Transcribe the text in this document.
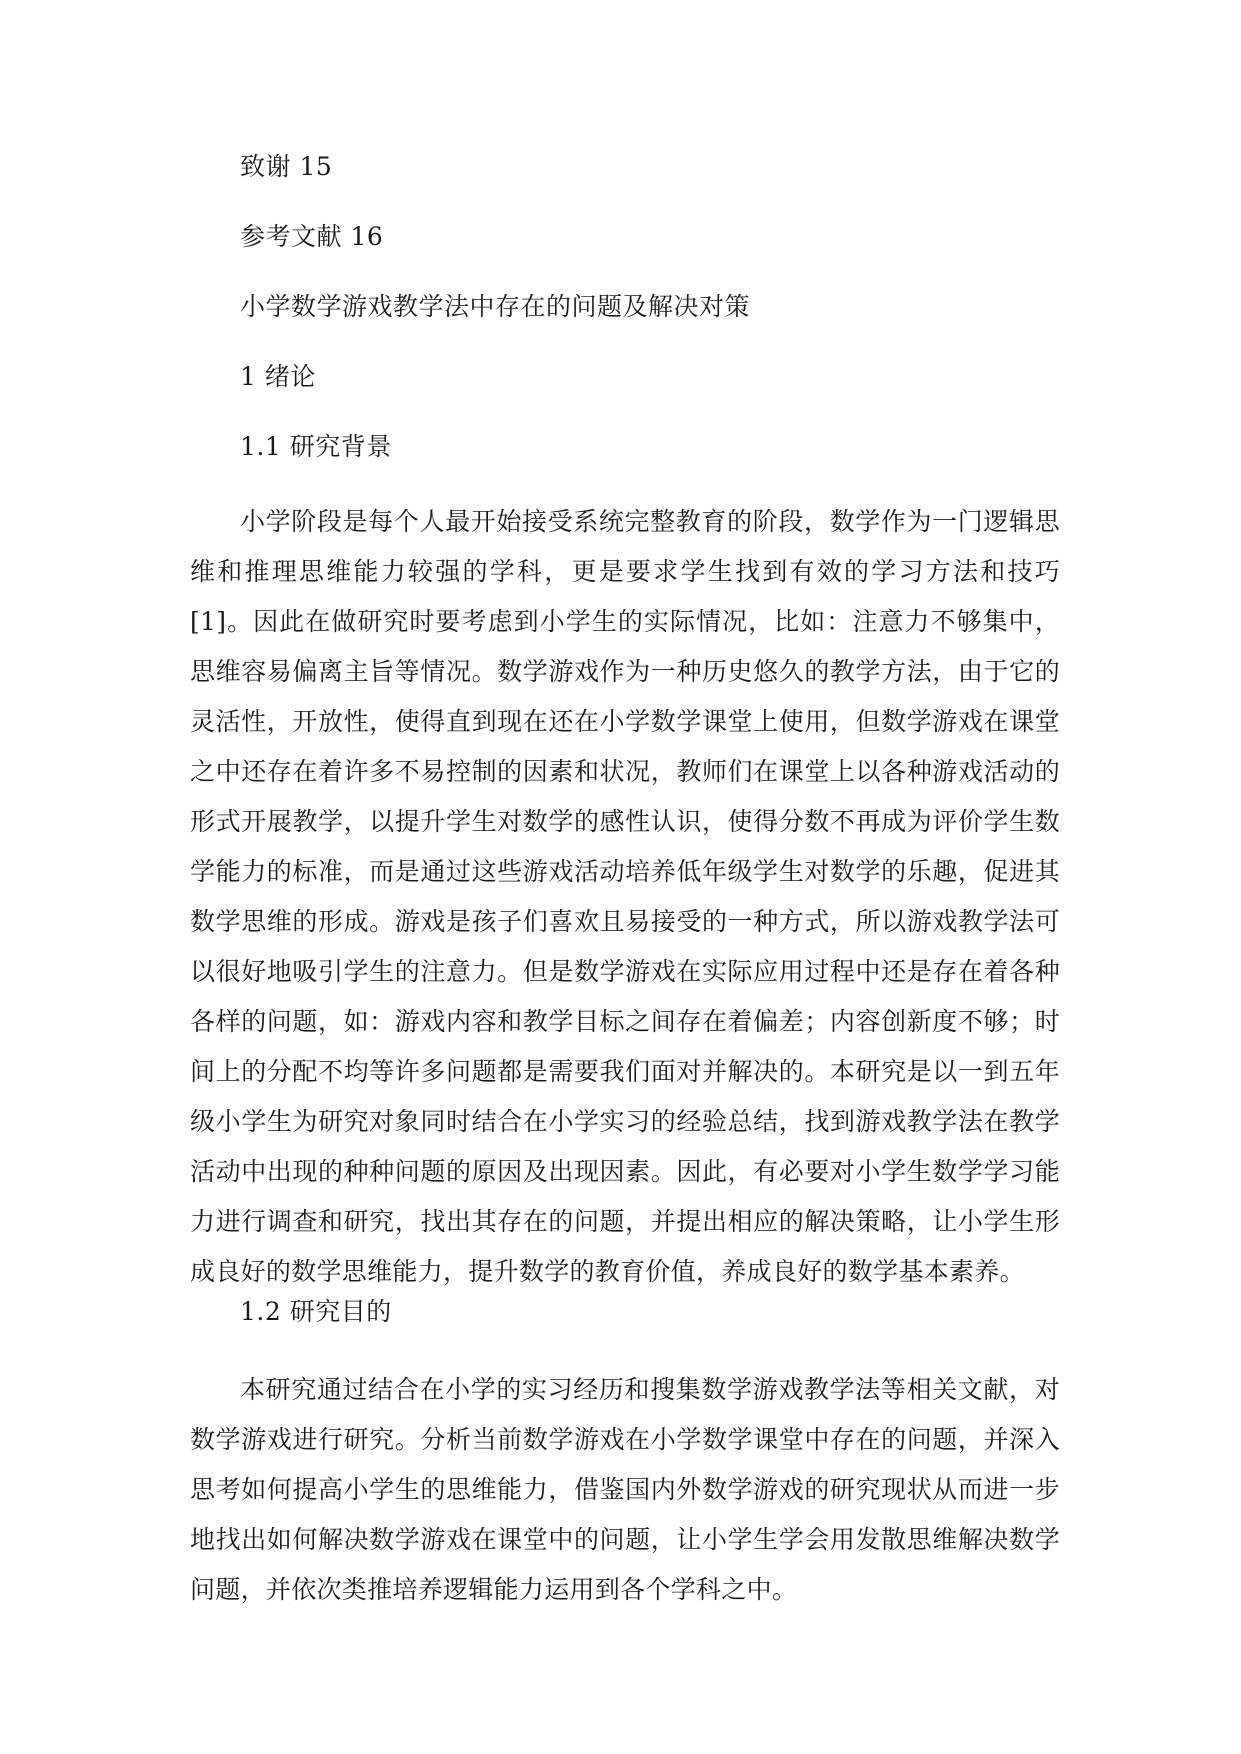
致谢 15
参考文献 16
小学数学游戏教学法中存在的问题及解决对策
1 绪论
1.1 研究背景

小学阶段是每个人最开始接受系统完整教育的阶段，数学作为一门逻辑思维和推理思维能力较强的学科，更是要求学生找到有效的学习方法和技巧[1]。因此在做研究时要考虑到小学生的实际情况，比如：注意力不够集中，思维容易偏离主旨等情况。数学游戏作为一种历史悠久的教学方法，由于它的灵活性，开放性，使得直到现在还在小学数学课堂上使用，但数学游戏在课堂之中还存在着许多不易控制的因素和状况，教师们在课堂上以各种游戏活动的形式开展教学，以提升学生对数学的感性认识，使得分数不再成为评价学生数学能力的标准，而是通过这些游戏活动培养低年级学生对数学的乐趣，促进其数学思维的形成。游戏是孩子们喜欢且易接受的一种方式，所以游戏教学法可以很好地吸引学生的注意力。但是数学游戏在实际应用过程中还是存在着各种各样的问题，如：游戏内容和教学目标之间存在着偏差；内容创新度不够；时间上的分配不均等许多问题都是需要我们面对并解决的。本研究是以一到五年级小学生为研究对象同时结合在小学实习的经验总结，找到游戏教学法在教学活动中出现的种种问题的原因及出现因素。因此，有必要对小学生数学学习能力进行调查和研究，找出其存在的问题，并提出相应的解决策略，让小学生形成良好的数学思维能力，提升数学的教育价值，养成良好的数学基本素养。

1.2 研究目的

本研究通过结合在小学的实习经历和搜集数学游戏教学法等相关文献，对数学游戏进行研究。分析当前数学游戏在小学数学课堂中存在的问题，并深入思考如何提高小学生的思维能力，借鉴国内外数学游戏的研究现状从而进一步地找出如何解决数学游戏在课堂中的问题，让小学生学会用发散思维解决数学问题，并依次类推培养逻辑能力运用到各个学科之中。
